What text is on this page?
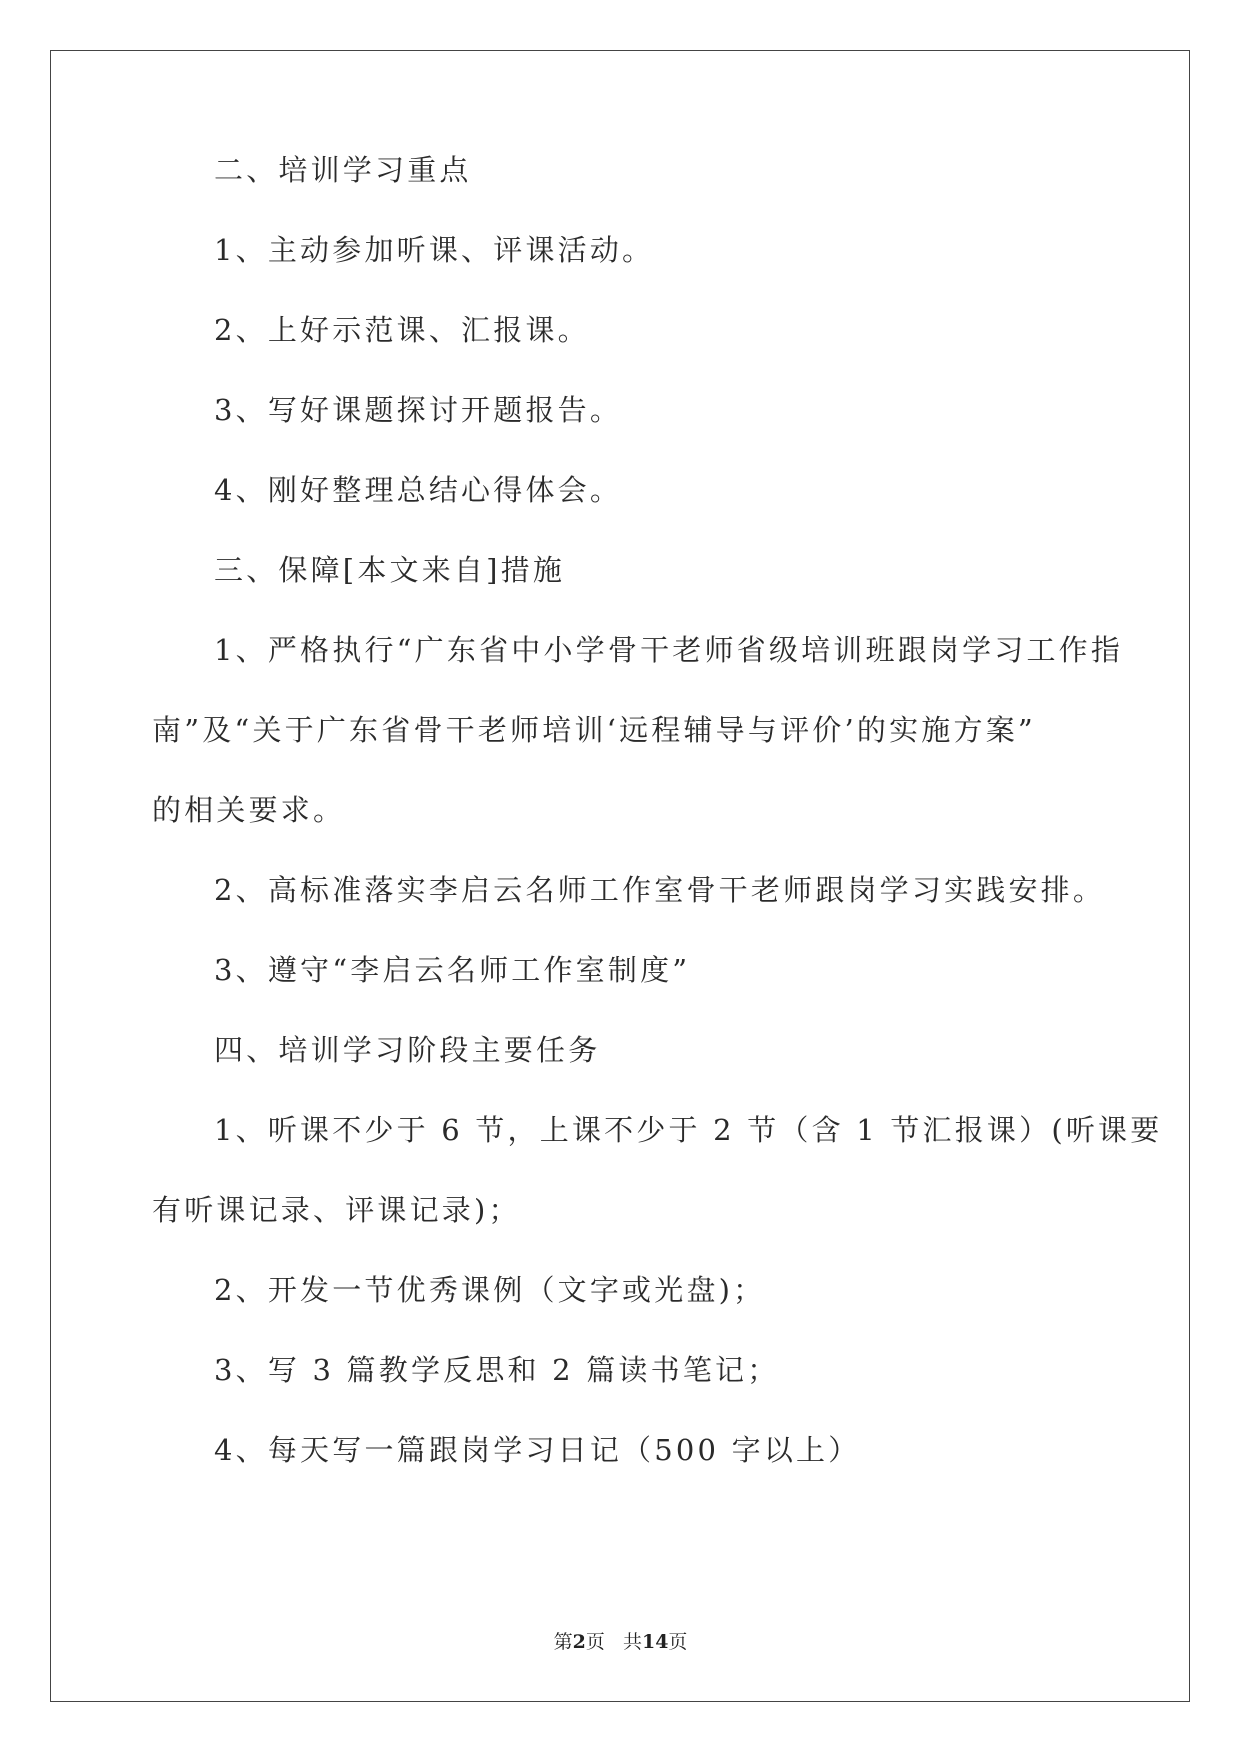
二、培训学习重点
1、主动参加听课、评课活动。
2、上好示范课、汇报课。
3、写好课题探讨开题报告。
4、刚好整理总结心得体会。
三、保障[本文来自]措施
1、严格执行“广东省中小学骨干老师省级培训班跟岗学习工作指
南”及“关于广东省骨干老师培训‘远程辅导与评价’的实施方案”
的相关要求。
2、高标准落实李启云名师工作室骨干老师跟岗学习实践安排。
3、遵守“李启云名师工作室制度”
四、培训学习阶段主要任务
1、听课不少于 6 节，上课不少于 2 节（含 1 节汇报课）(听课要
有听课记录、评课记录)；
2、开发一节优秀课例（文字或光盘)；
3、写 3 篇教学反思和 2 篇读书笔记；
4、每天写一篇跟岗学习日记（500 字以上）
第2页 共14页
